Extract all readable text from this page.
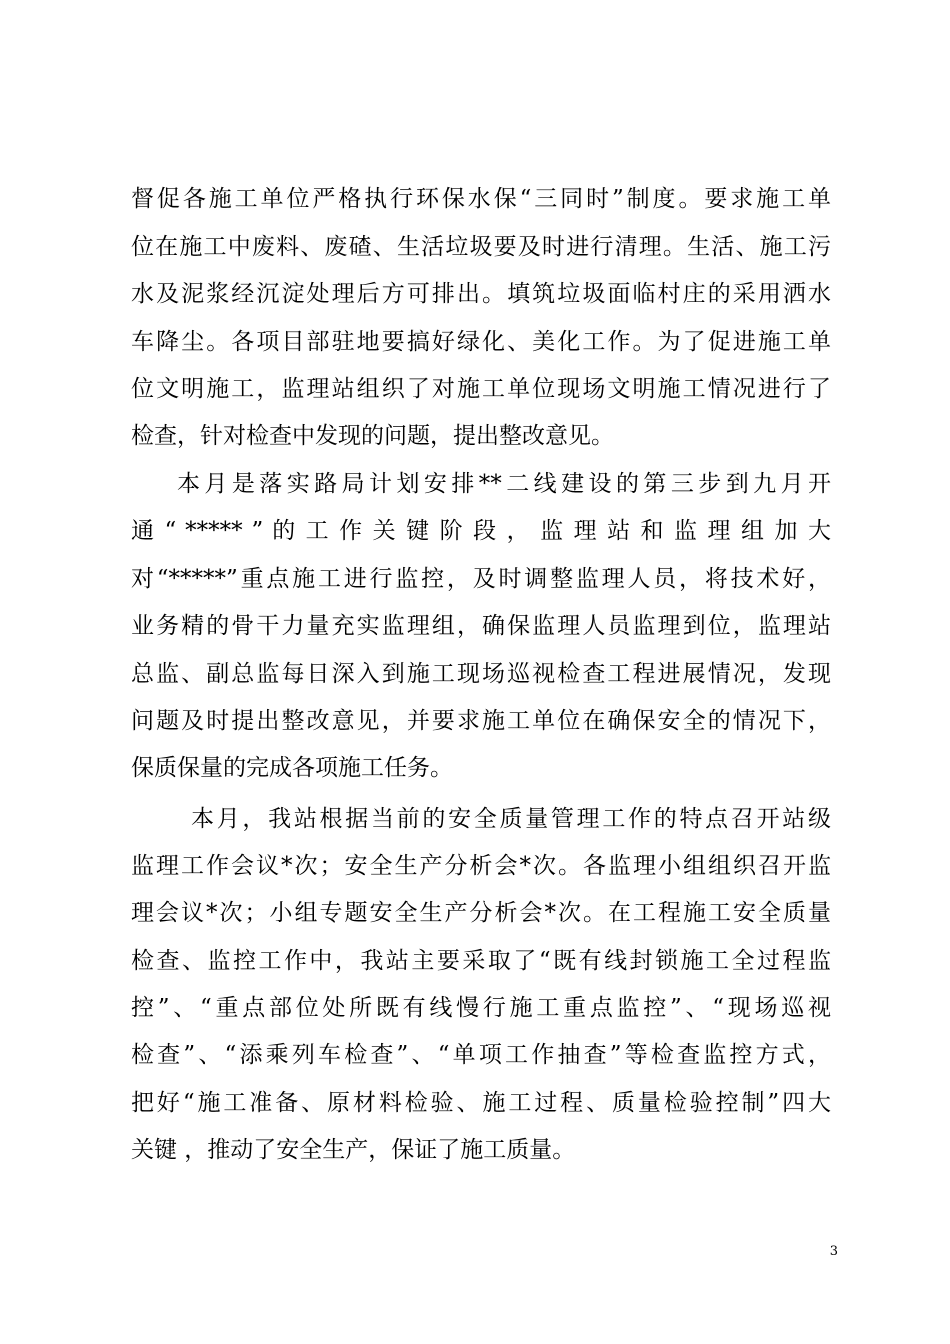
督促各施工单位严格执行环保水保“三同时”制度。要求施工单
位在施工中废料、废碴、生活垃圾要及时进行清理。生活、施工污
水及泥浆经沉淀处理后方可排出。填筑垃圾面临村庄的采用洒水
车降尘。各项目部驻地要搞好绿化、美化工作。为了促进施工单
位文明施工，监理站组织了对施工单位现场文明施工情况进行了
检查，针对检查中发现的问题，提出整改意见。
本月是落实路局计划安排**二线建设的第三步到九月开
通 “ ***** ” 的 工 作 关 键 阶 段 ， 监 理 站 和 监 理 组 加 大
对“*****”重点施工进行监控，及时调整监理人员，将技术好，
业务精的骨干力量充实监理组，确保监理人员监理到位，监理站
总监、副总监每日深入到施工现场巡视检查工程进展情况，发现
问题及时提出整改意见，并要求施工单位在确保安全的情况下，
保质保量的完成各项施工任务。
本月，我站根据当前的安全质量管理工作的特点召开站级
监理工作会议*次；安全生产分析会*次。各监理小组组织召开监
理会议*次；小组专题安全生产分析会*次。在工程施工安全质量
检查、监控工作中，我站主要采取了“既有线封锁施工全过程监
控”、“重点部位处所既有线慢行施工重点监控”、“现场巡视
检查”、“添乘列车检查”、“单项工作抽查”等检查监控方式，
把好“施工准备、原材料检验、施工过程、质量检验控制”四大
关键 ，推动了安全生产，保证了施工质量。
3
